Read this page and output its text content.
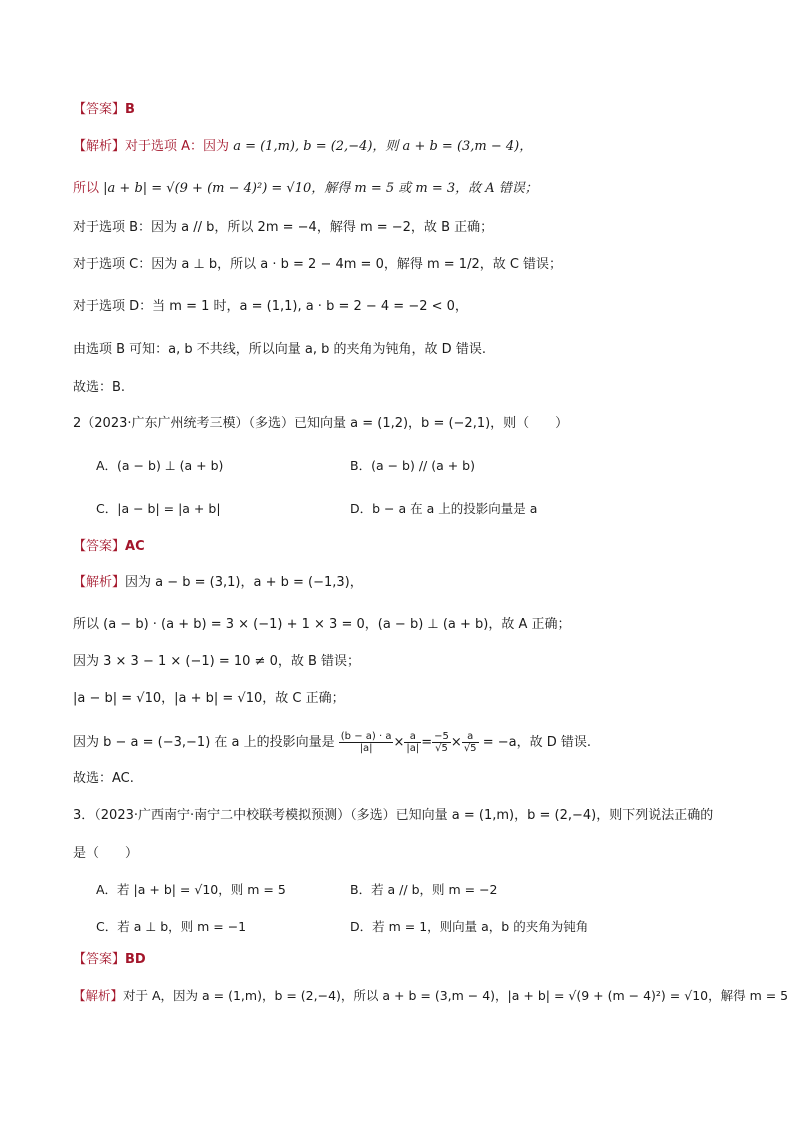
【答案】B
【解析】对于选项 A：因为 a = (1,m), b = (2,−4)，则 a + b = (3,m − 4)，
所以 |a + b| = √(9 + (m − 4)²) = √10，解得 m = 5 或 m = 3，故 A 错误；
对于选项 B：因为 a // b，所以 2m = −4，解得 m = −2，故 B 正确；
对于选项 C：因为 a ⊥ b，所以 a · b = 2 − 4m = 0，解得 m = 1/2，故 C 错误；
对于选项 D：当 m = 1 时，a = (1,1), a · b = 2 − 4 = −2 < 0，
由选项 B 可知：a, b 不共线，所以向量 a, b 的夹角为钝角，故 D 错误.
故选：B.
2（2023·广东广州统考三模）（多选）已知向量 a = (1,2)，b = (−2,1)，则（　　）
A．(a − b) ⊥ (a + b)	B．(a − b) // (a + b)
C．|a − b| = |a + b|	D．b − a 在 a 上的投影向量是 a
【答案】AC
【解析】因为 a − b = (3,1)，a + b = (−1,3)，
所以 (a − b) · (a + b) = 3 × (−1) + 1 × 3 = 0，(a − b) ⊥ (a + b)，故 A 正确；
因为 3 × 3 − 1 × (−1) = 10 ≠ 0，故 B 错误；
|a − b| = √10，|a + b| = √10，故 C 正确；
因为 b − a = (−3,−1) 在 a 上的投影向量是 $\frac{(b - a) \cdot a}{|a|} \times \frac{a}{|a|} = \frac{-5}{√5} \times \frac{a}{√5} = -a$，故 D 错误.
故选：AC.
3．（2023·广西南宁·南宁二中校联考模拟预测）（多选）已知向量 a = (1,m)，b = (2,−4)，则下列说法正确的
是（　　）
A．若 |a + b| = √10，则 m = 5	B．若 a // b，则 m = −2
C．若 a ⊥ b，则 m = −1	D．若 m = 1，则向量 a，b 的夹角为钝角
【答案】BD
【解析】对于 A，因为 a = (1,m)，b = (2,−4)，所以 a + b = (3,m − 4)，|a + b| = √(9 + (m − 4)²) = √10，解得 m = 5
